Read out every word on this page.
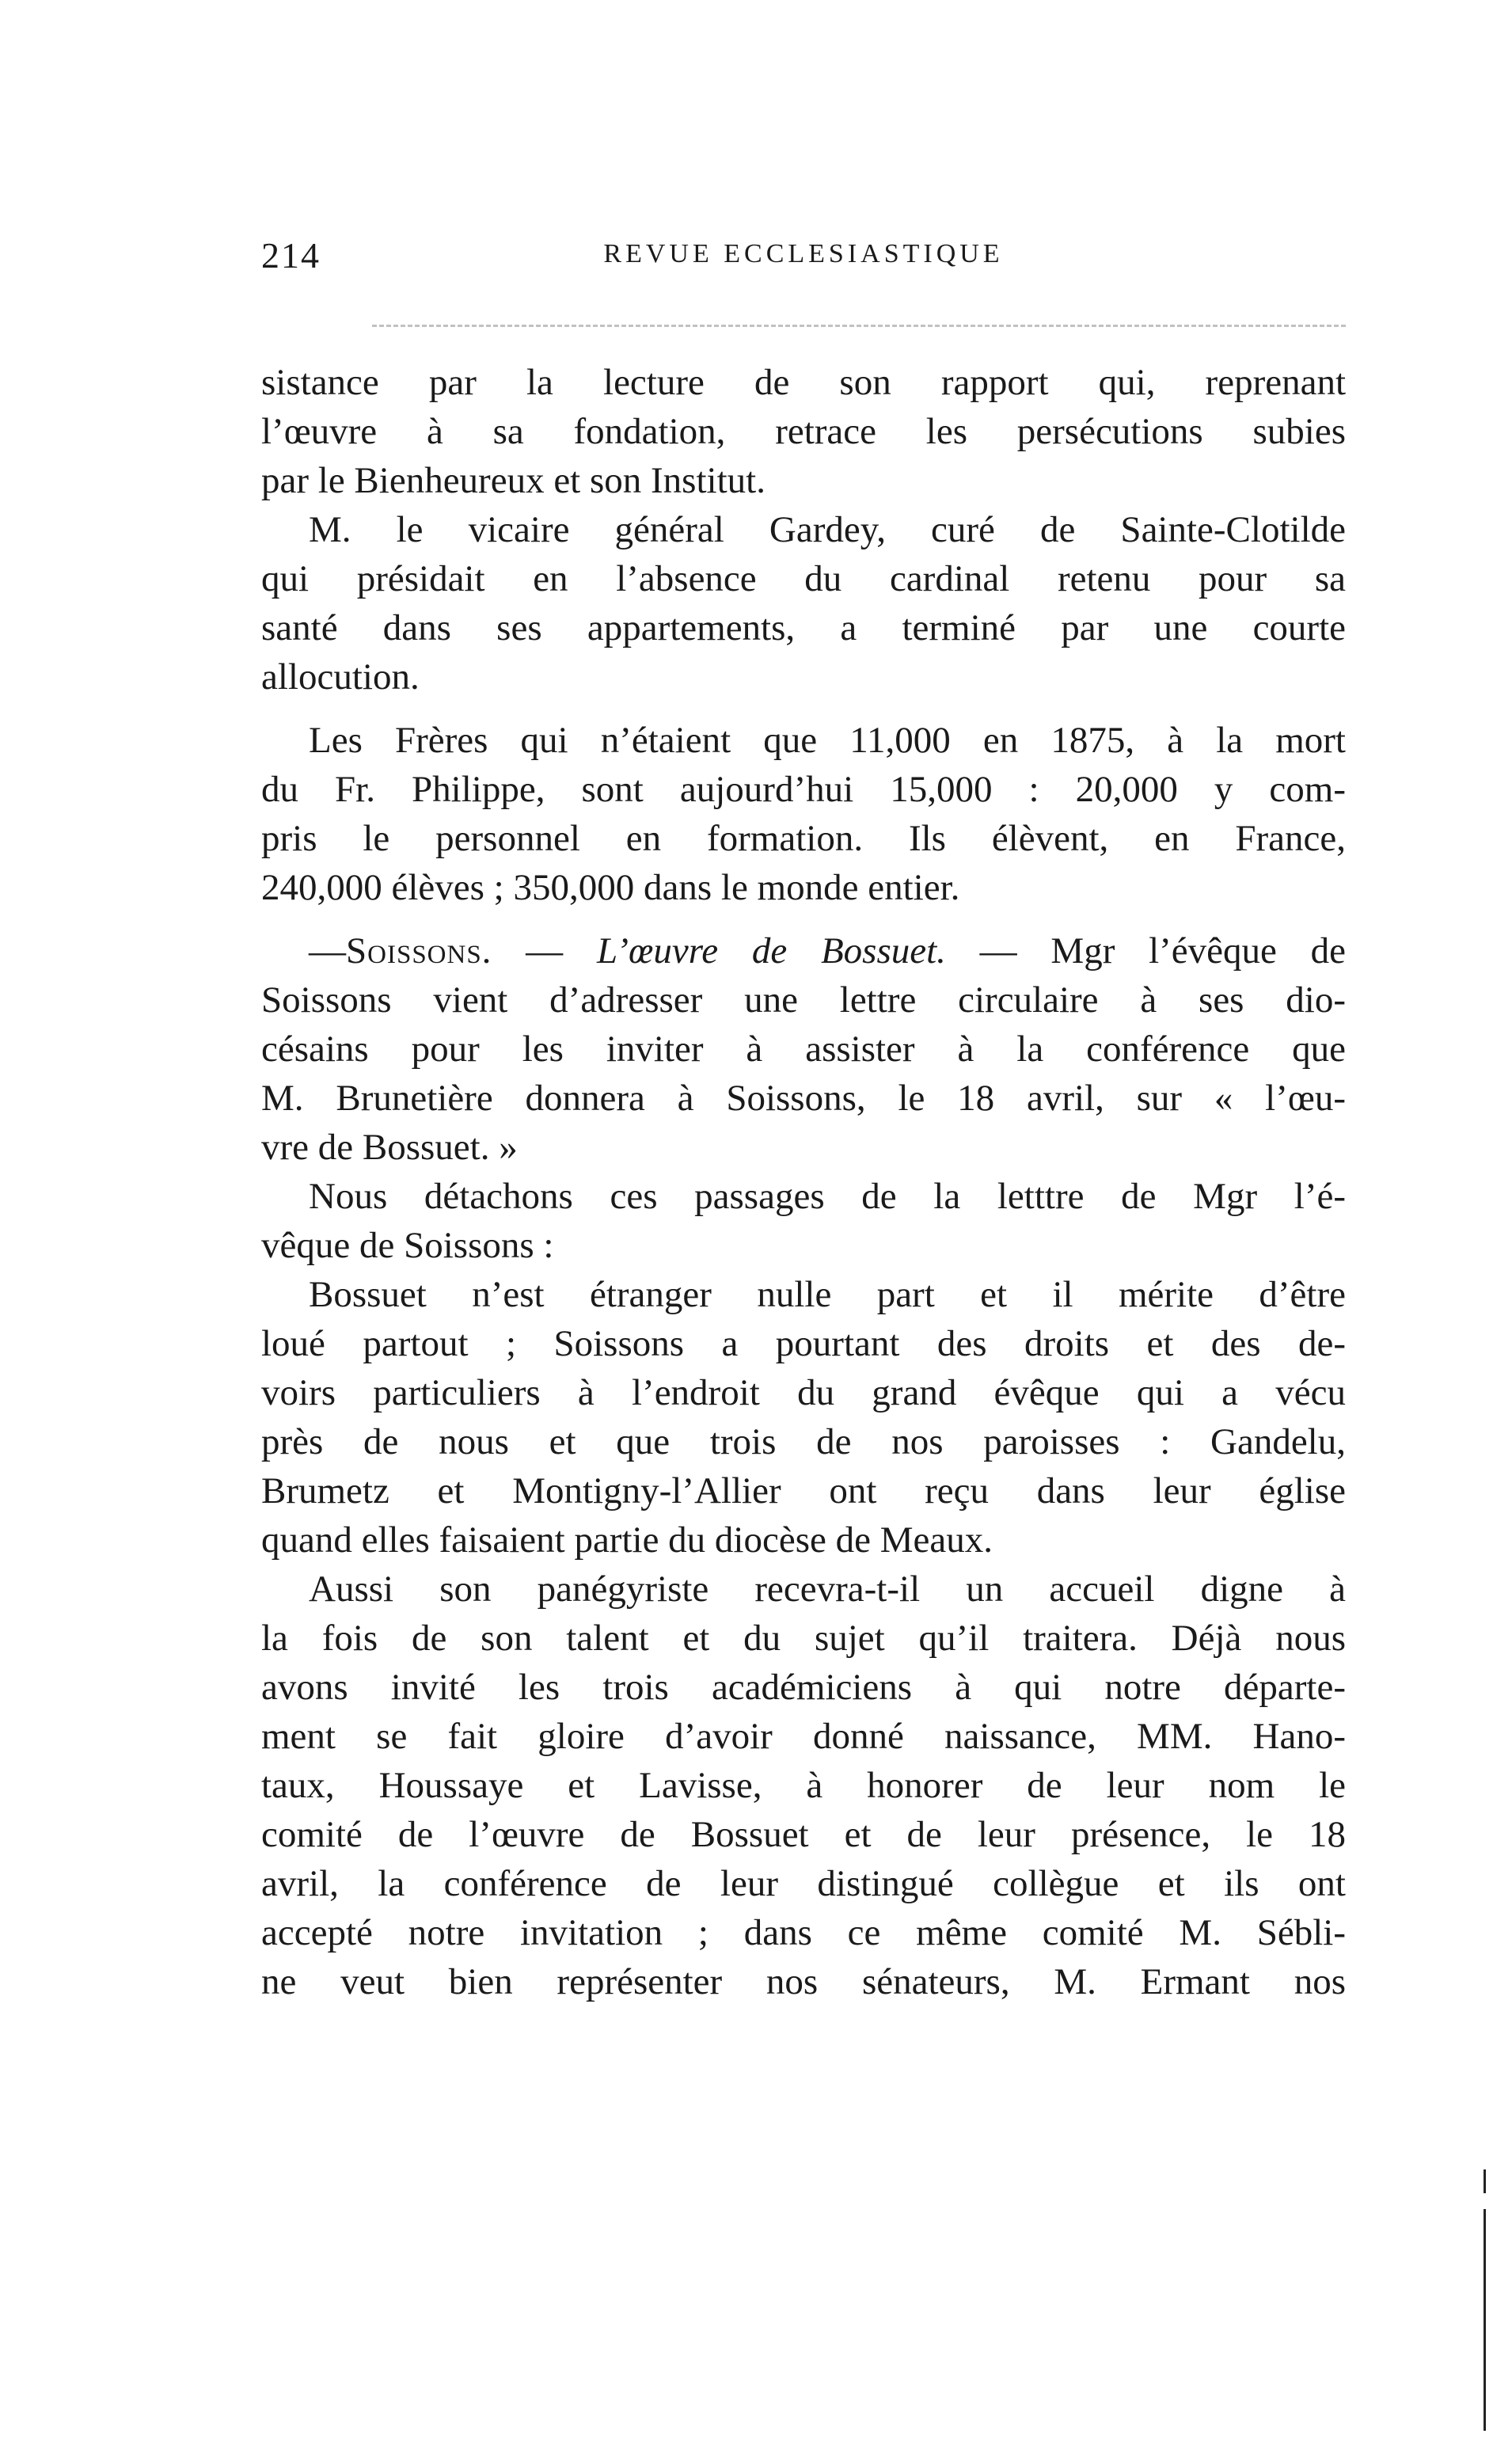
214	REVUE ECCLESIASTIQUE
sistance par la lecture de son rapport qui, reprenant
l’œuvre à sa fondation, retrace les persécutions subies
par le Bienheureux et son Institut.
M. le vicaire général Gardey, curé de Sainte-Clotilde
qui présidait en l’absence du cardinal retenu pour sa
santé dans ses appartements, a terminé par une courte
allocution.
Les Frères qui n’étaient que 11,000 en 1875, à la mort
du Fr. Philippe, sont aujourd’hui 15,000 : 20,000 y com-
pris le personnel en formation. Ils élèvent, en France,
240,000 élèves ; 350,000 dans le monde entier.
—Soissons. — L’œuvre de Bossuet. — Mgr l’évêque de
Soissons vient d’adresser une lettre circulaire à ses dio-
césains pour les inviter à assister à la conférence que
M. Brunetière donnera à Soissons, le 18 avril, sur « l’œu-
vre de Bossuet. »
Nous détachons ces passages de la letttre de Mgr l’é-
vêque de Soissons :
Bossuet n’est étranger nulle part et il mérite d’être
loué partout ; Soissons a pourtant des droits et des de-
voirs particuliers à l’endroit du grand évêque qui a vécu
près de nous et que trois de nos paroisses : Gandelu,
Brumetz et Montigny-l’Allier ont reçu dans leur église
quand elles faisaient partie du diocèse de Meaux.
Aussi son panégyriste recevra-t-il un accueil digne à
la fois de son talent et du sujet qu’il traitera. Déjà nous
avons invité les trois académiciens à qui notre départe-
ment se fait gloire d’avoir donné naissance, MM. Hano-
taux, Houssaye et Lavisse, à honorer de leur nom le
comité de l’œuvre de Bossuet et de leur présence, le 18
avril, la conférence de leur distingué collègue et ils ont
accepté notre invitation ; dans ce même comité M. Sébli-
ne veut bien représenter nos sénateurs, M. Ermant nos
